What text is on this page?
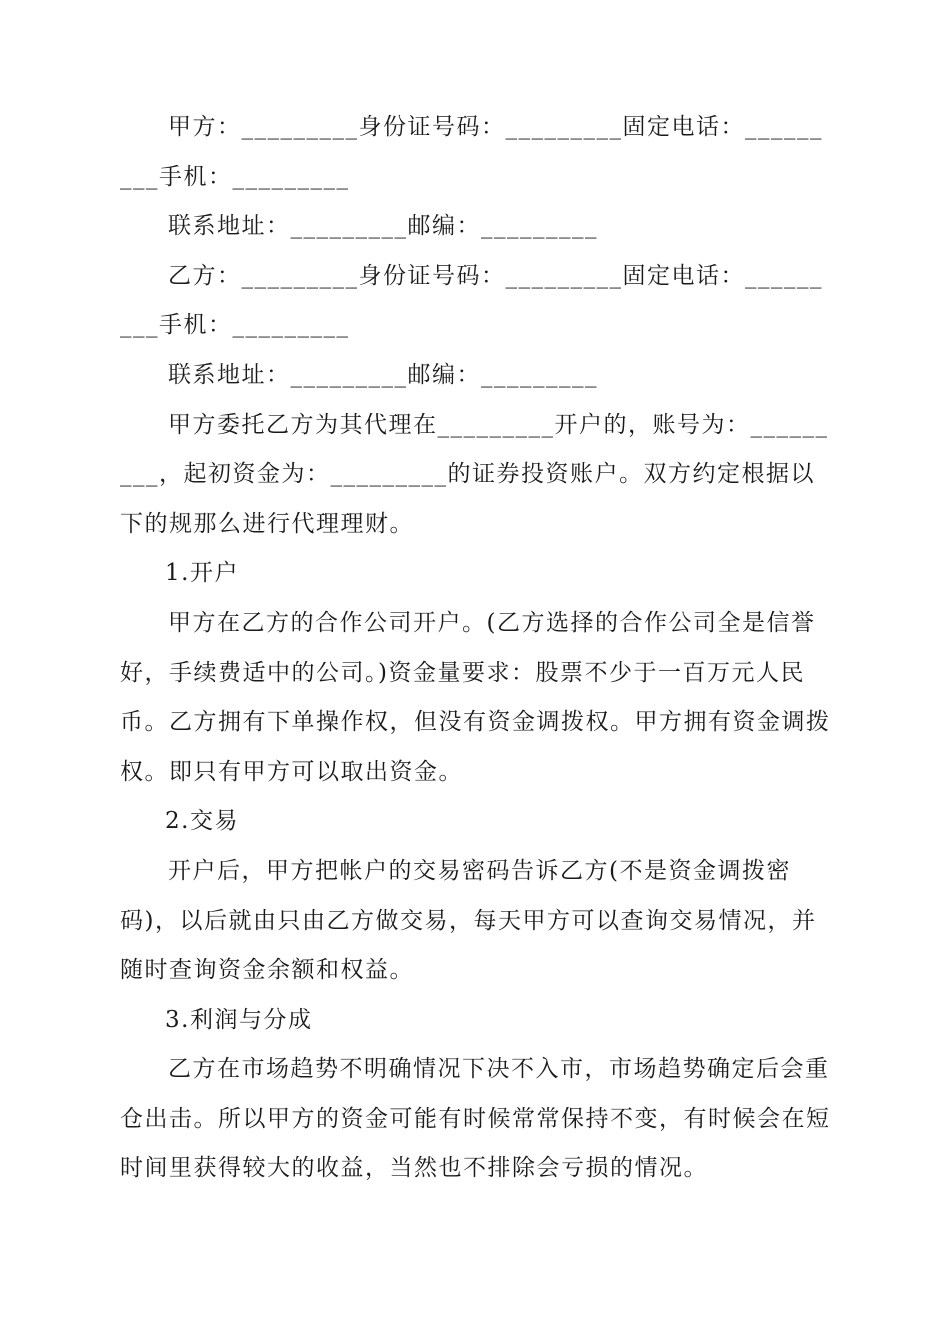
甲方：_________身份证号码：_________固定电话：_________手机：_________

联系地址：_________邮编：_________

乙方：_________身份证号码：_________固定电话：_________手机：_________

联系地址：_________邮编：_________

甲方委托乙方为其代理在_________开户的，账号为：_________，起初资金为：_________的证券投资账户。双方约定根据以下的规那么进行代理理财。

1.开户

甲方在乙方的合作公司开户。(乙方选择的合作公司全是信誉好，手续费适中的公司。)资金量要求：股票不少于一百万元人民币。乙方拥有下单操作权，但没有资金调拨权。甲方拥有资金调拨权。即只有甲方可以取出资金。

2.交易

开户后，甲方把帐户的交易密码告诉乙方(不是资金调拨密码)，以后就由只由乙方做交易，每天甲方可以查询交易情况，并随时查询资金余额和权益。

3.利润与分成

乙方在市场趋势不明确情况下决不入市，市场趋势确定后会重仓出击。所以甲方的资金可能有时候常常保持不变，有时候会在短时间里获得较大的收益，当然也不排除会亏损的情况。
